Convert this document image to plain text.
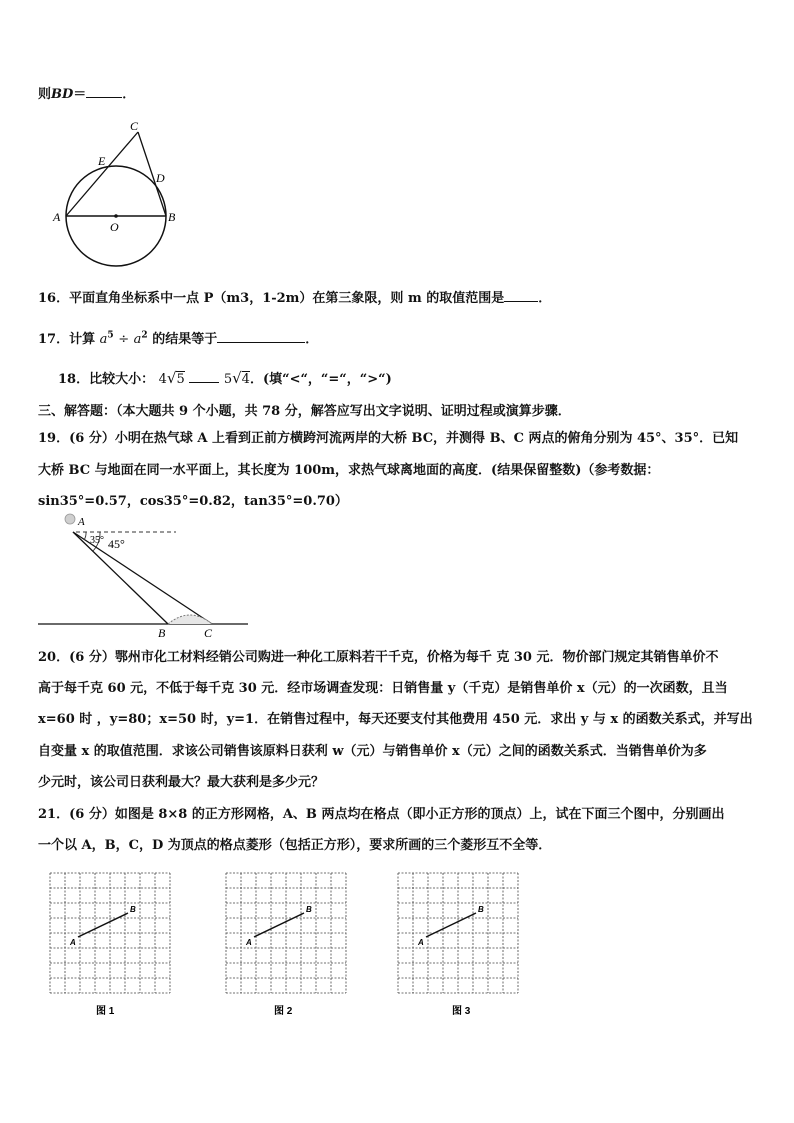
则BD＝	．
C
E
D
A	B
O
16．平面直角坐标系中一点 P（m3，1-2m）在第三象限，则 m 的取值范围是	．
17．计算 $a^5 \div a^2$ 的结果等于	．
18．比较大小： 4√5	5√4．(填“<“，“=“，“>“)
三、解答题：（本大题共 9 个小题，共 78 分，解答应写出文字说明、证明过程或演算步骤．
19．(6 分）小明在热气球 A 上看到正前方横跨河流两岸的大桥 BC，并测得 B、C 两点的俯角分别为 45°、35°．已知
大桥 BC 与地面在同一水平面上，其长度为 100m，求热气球离地面的高度．(结果保留整数)（参考数据：
sin35°=0.57，cos35°=0.82，tan35°=0.70）
A
35° 45°
B	C
20．(6 分）鄂州市化工材料经销公司购进一种化工原料若干千克，价格为每千 克 30 元．物价部门规定其销售单价不
高于每千克 60 元，不低于每千克 30 元．经市场调查发现：日销售量 y（千克）是销售单价 x（元）的一次函数，且当
x=60 时 ，y=80；x=50 时，y=1．在销售过程中，每天还要支付其他费用 450 元．求出 y 与 x 的函数关系式，并写出
自变量 x 的取值范围．求该公司销售该原料日获利 w（元）与销售单价 x（元）之间的函数关系式．当销售单价为多
少元时，该公司日获利最大？最大获利是多少元？
21．(6 分）如图是 8×8 的正方形网格，A、B 两点均在格点（即小正方形的顶点）上，试在下面三个图中，分别画出
一个以 A，B，C，D 为顶点的格点菱形（包括正方形），要求所画的三个菱形互不全等．
A
B
图 1
A
B
图 2
A
B
图 3
